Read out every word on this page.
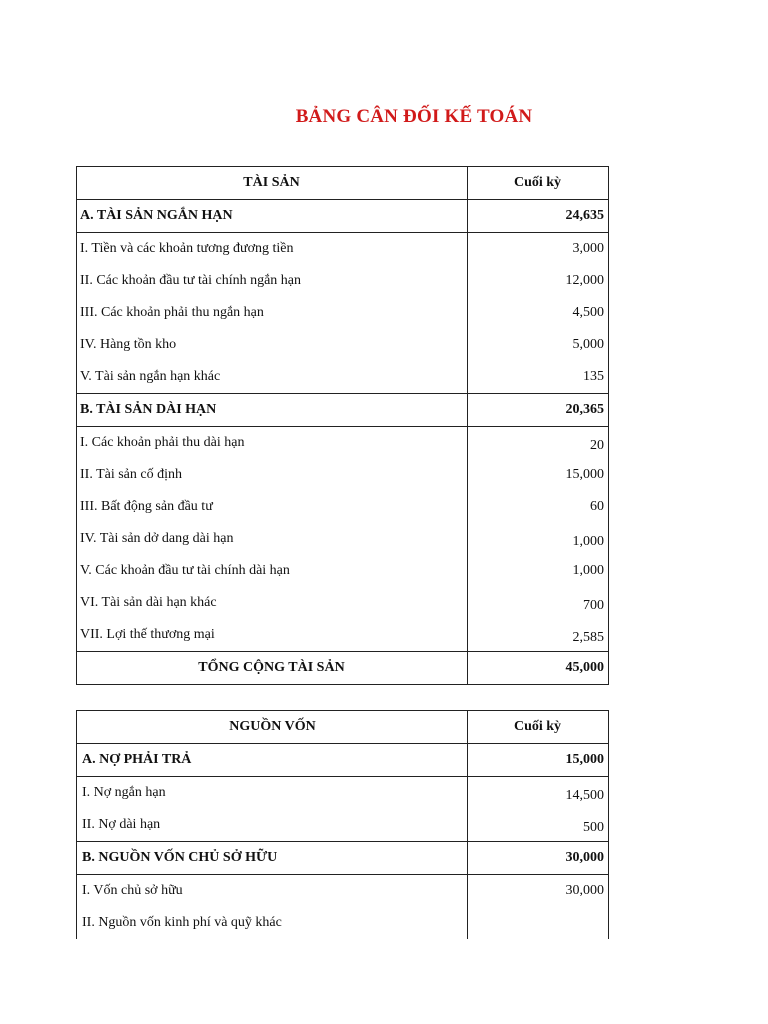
BẢNG CÂN ĐỐI KẾ TOÁN
TÀI SẢN	Cuối kỳ
A. TÀI SẢN NGẮN HẠN	24,635
I. Tiền và các khoản tương đương tiền	3,000
II. Các khoản đầu tư tài chính ngắn hạn	12,000
III. Các khoản phải thu ngắn hạn	4,500
IV. Hàng tồn kho	5,000
V. Tài sản ngắn hạn khác	135
B. TÀI SẢN DÀI HẠN	20,365
I. Các khoản phải thu dài hạn	20
II. Tài sản cố định	15,000
III. Bất động sản đầu tư	60
IV. Tài sản dở dang dài hạn	1,000
V. Các khoản đầu tư tài chính dài hạn	1,000
VI. Tài sản dài hạn khác	700
VII. Lợi thế thương mại	2,585
TỔNG CỘNG TÀI SẢN	45,000
NGUỒN VỐN	Cuối kỳ
A. NỢ PHẢI TRẢ	15,000
I. Nợ ngắn hạn	14,500
II. Nợ dài hạn	500
B. NGUỒN VỐN CHỦ SỞ HỮU	30,000
I. Vốn chủ sở hữu	30,000
II. Nguồn vốn kinh phí và quỹ khác	
